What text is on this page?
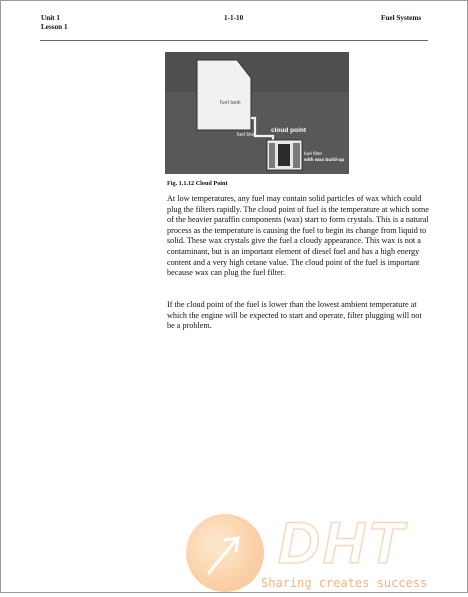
Unit 1
Lesson 1
1-1-10	Fuel Systems
fuel tank
fuel line
cloud point
fuel filter
with wax build-up
Fig. 1.1.12 Cloud Point

At low temperatures, any fuel may contain solid particles of wax which could plug the filters rapidly. The cloud point of fuel is the temperature at which some of the heavier paraffin components (wax) start to form crystals. This is a natural process as the temperature is causing the fuel to begin its change from liquid to solid. These wax crystals give the fuel a cloudy appearance. This wax is not a contaminant, but is an important element of diesel fuel and has a high energy content and a very high cetane value. The cloud point of the fuel is important because wax can plug the fuel filter.

If the cloud point of the fuel is lower than the lowest ambient temperature at which the engine will be expected to start and operate, filter plugging will not be a problem.

DHT
Sharing creates success
